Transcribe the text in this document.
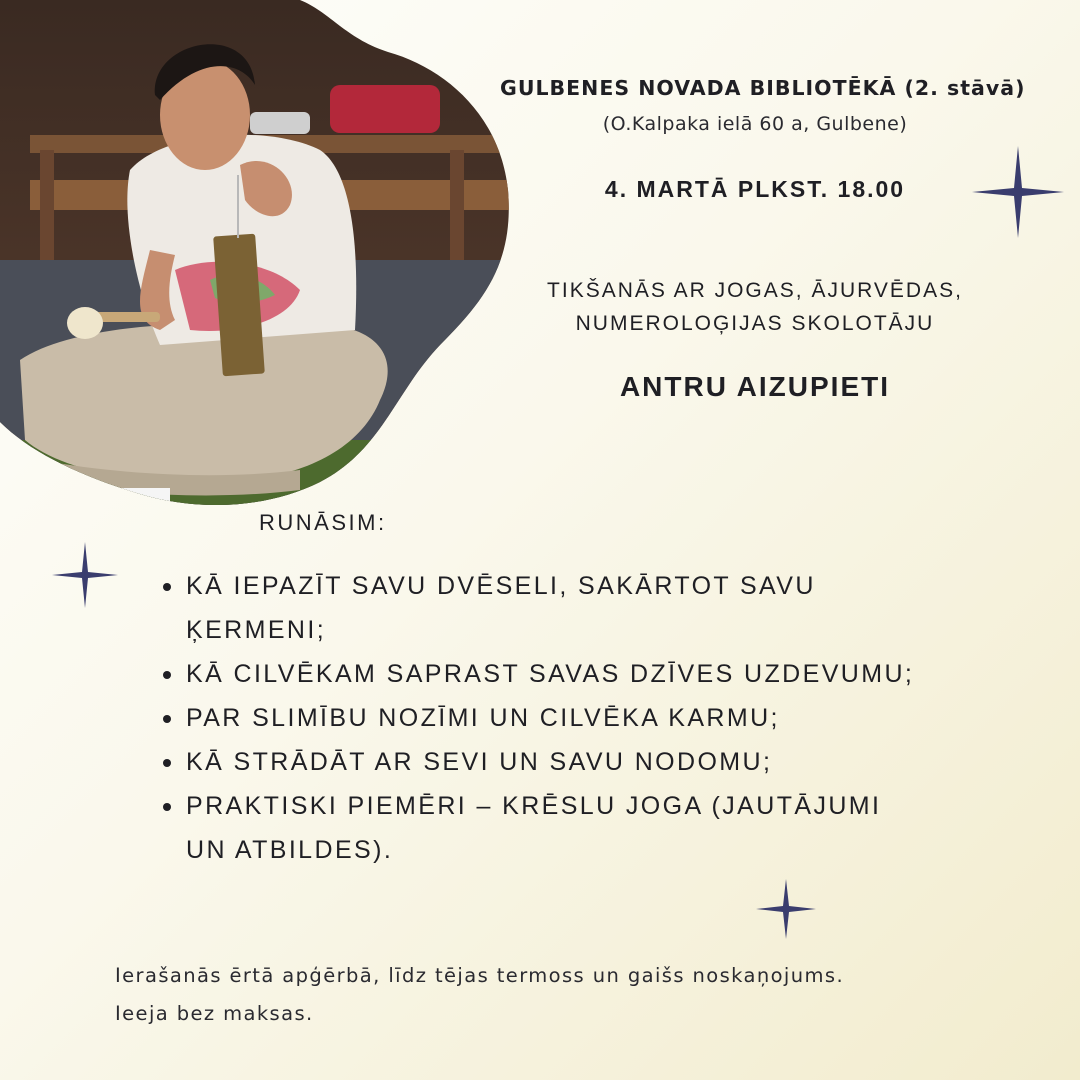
GULBENES NOVADA BIBLIOTĒKĀ (2. stāvā)

(O.Kalpaka ielā 60 a, Gulbene)

4. MARTĀ PLKST. 18.00

TIKŠANĀS AR JOGAS, ĀJURVĒDAS,
NUMEROLOĢIJAS SKOLOTĀJU

ANTRU AIZUPIETI

RUNĀSIM:

KĀ IEPAZĪT SAVU DVĒSELI, SAKĀRTOT SAVU ĶERMENI;
KĀ CILVĒKAM SAPRAST SAVAS DZĪVES UZDEVUMU;
PAR SLIMĪBU NOZĪMI UN CILVĒKA KARMU;
KĀ STRĀDĀT AR SEVI UN SAVU NODOMU;
PRAKTISKI PIEMĒRI – KRĒSLU JOGA (JAUTĀJUMI UN ATBILDES).

Ierašanās ērtā apģērbā, līdz tējas termoss un gaišs noskaņojums.
Ieeja bez maksas.
